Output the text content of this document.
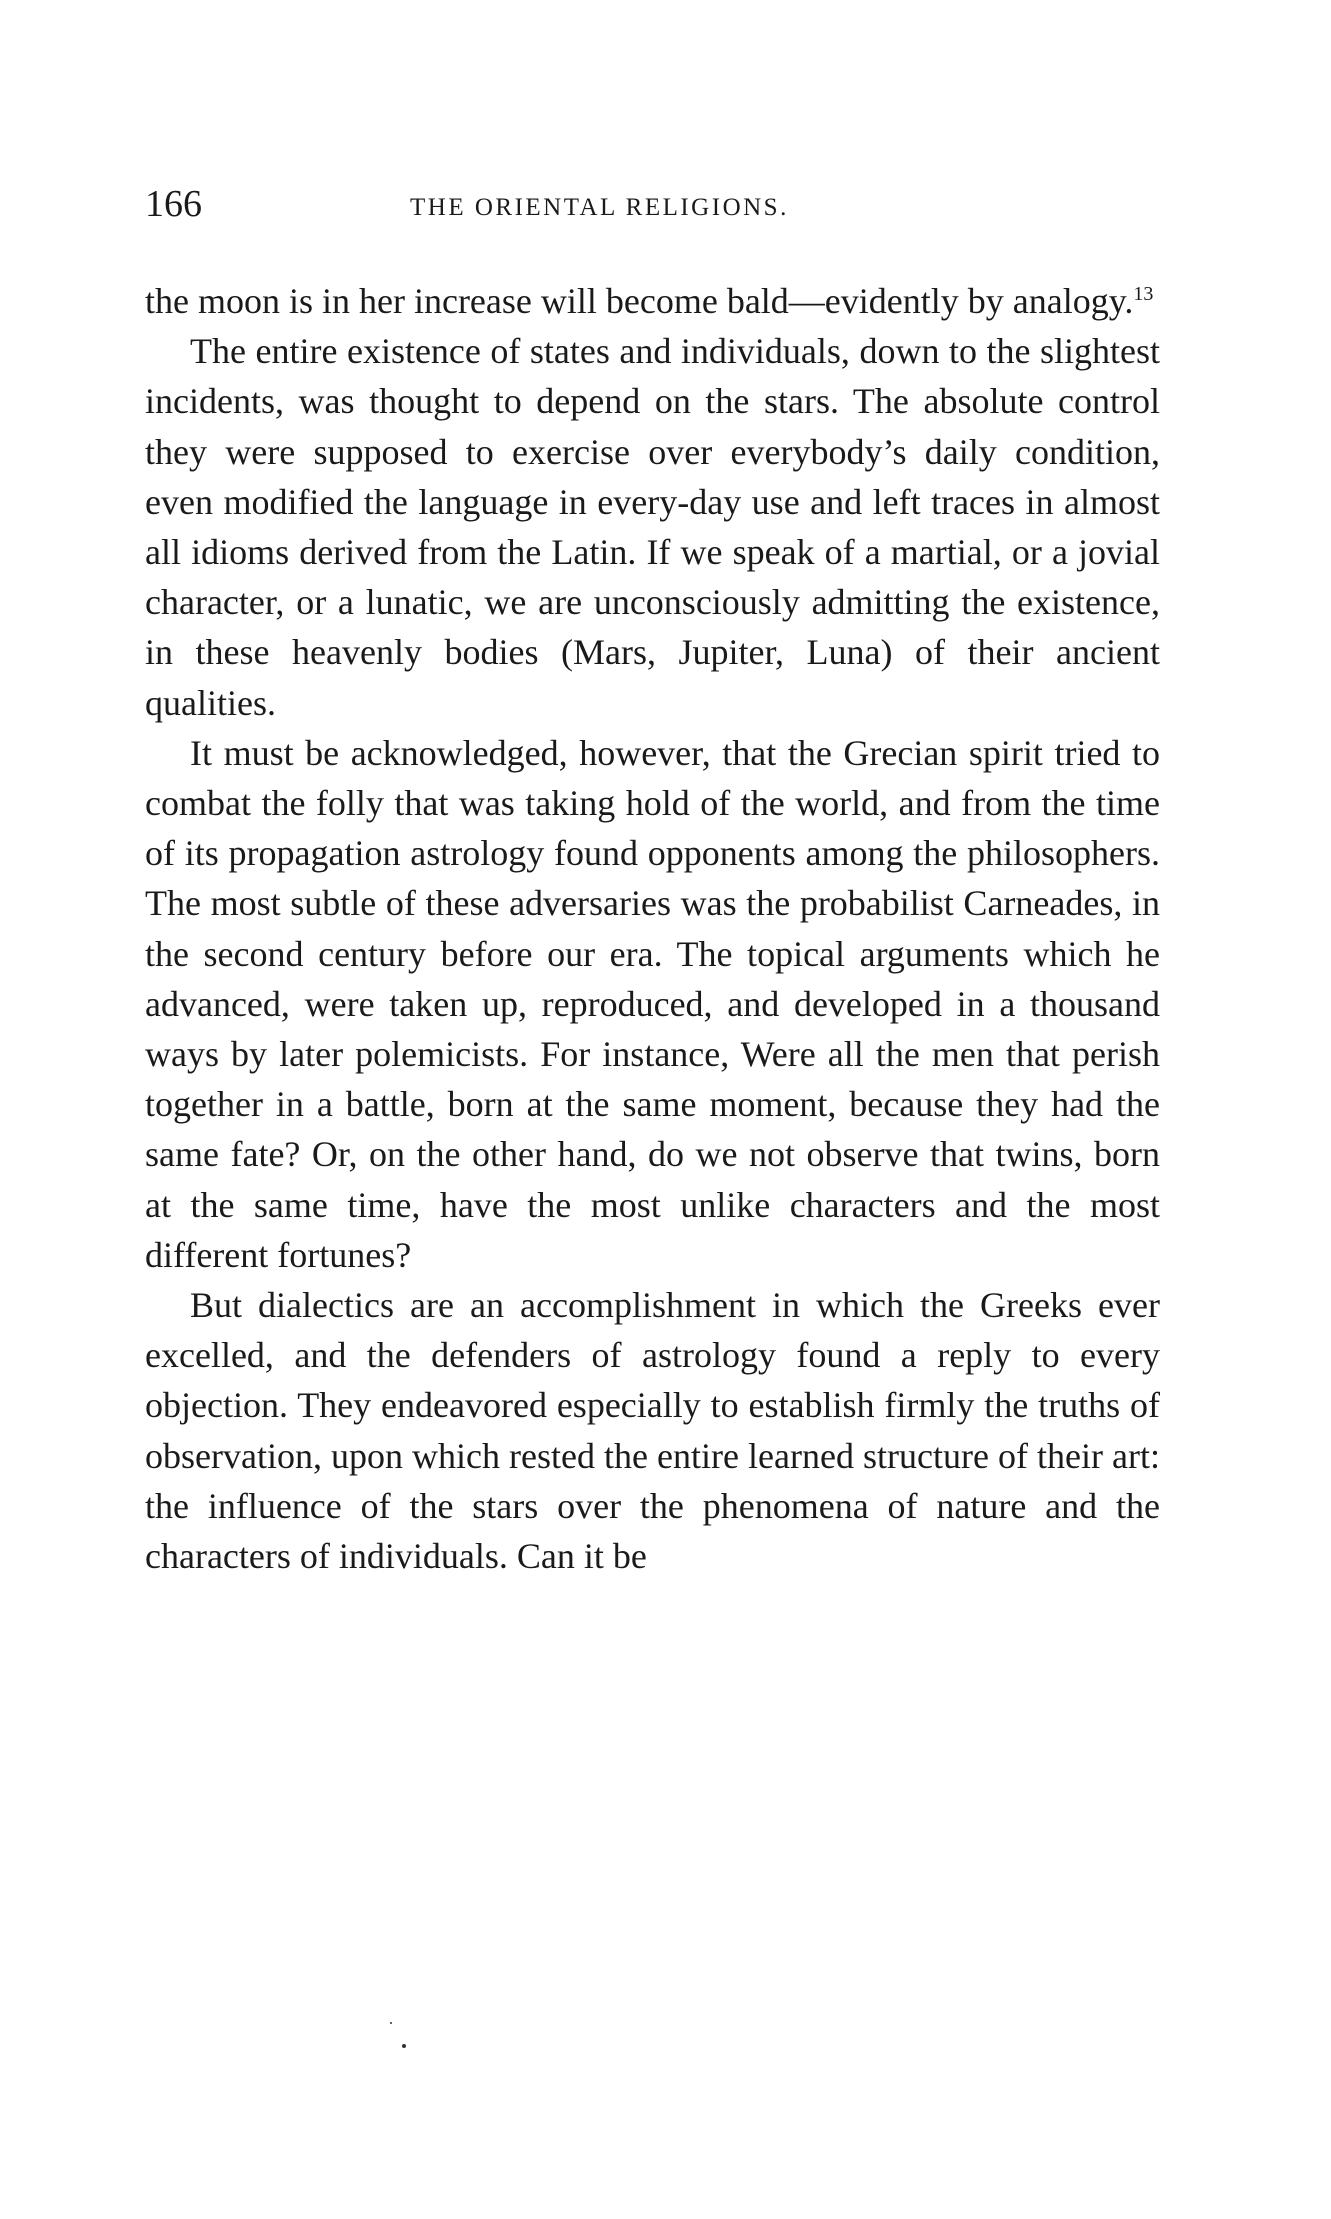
166	THE ORIENTAL RELIGIONS.

the moon is in her increase will become bald—evidently by analogy.$^{13}$

The entire existence of states and individuals, down to the slightest incidents, was thought to depend on the stars. The absolute control they were supposed to exercise over everybody’s daily condition, even modified the language in every-day use and left traces in almost all idioms derived from the Latin. If we speak of a martial, or a jovial character, or a lunatic, we are unconsciously admitting the existence, in these heavenly bodies (Mars, Jupiter, Luna) of their ancient qualities.

It must be acknowledged, however, that the Grecian spirit tried to combat the folly that was taking hold of the world, and from the time of its propagation astrology found opponents among the philosophers. The most subtle of these adversaries was the probabilist Carneades, in the second century before our era. The topical arguments which he advanced, were taken up, reproduced, and developed in a thousand ways by later polemicists. For instance, Were all the men that perish together in a battle, born at the same moment, because they had the same fate? Or, on the other hand, do we not observe that twins, born at the same time, have the most unlike characters and the most different fortunes?

But dialectics are an accomplishment in which the Greeks ever excelled, and the defenders of astrology found a reply to every objection. They endeavored especially to establish firmly the truths of observation, upon which rested the entire learned structure of their art: the influence of the stars over the phenomena of nature and the characters of individuals. Can it be
